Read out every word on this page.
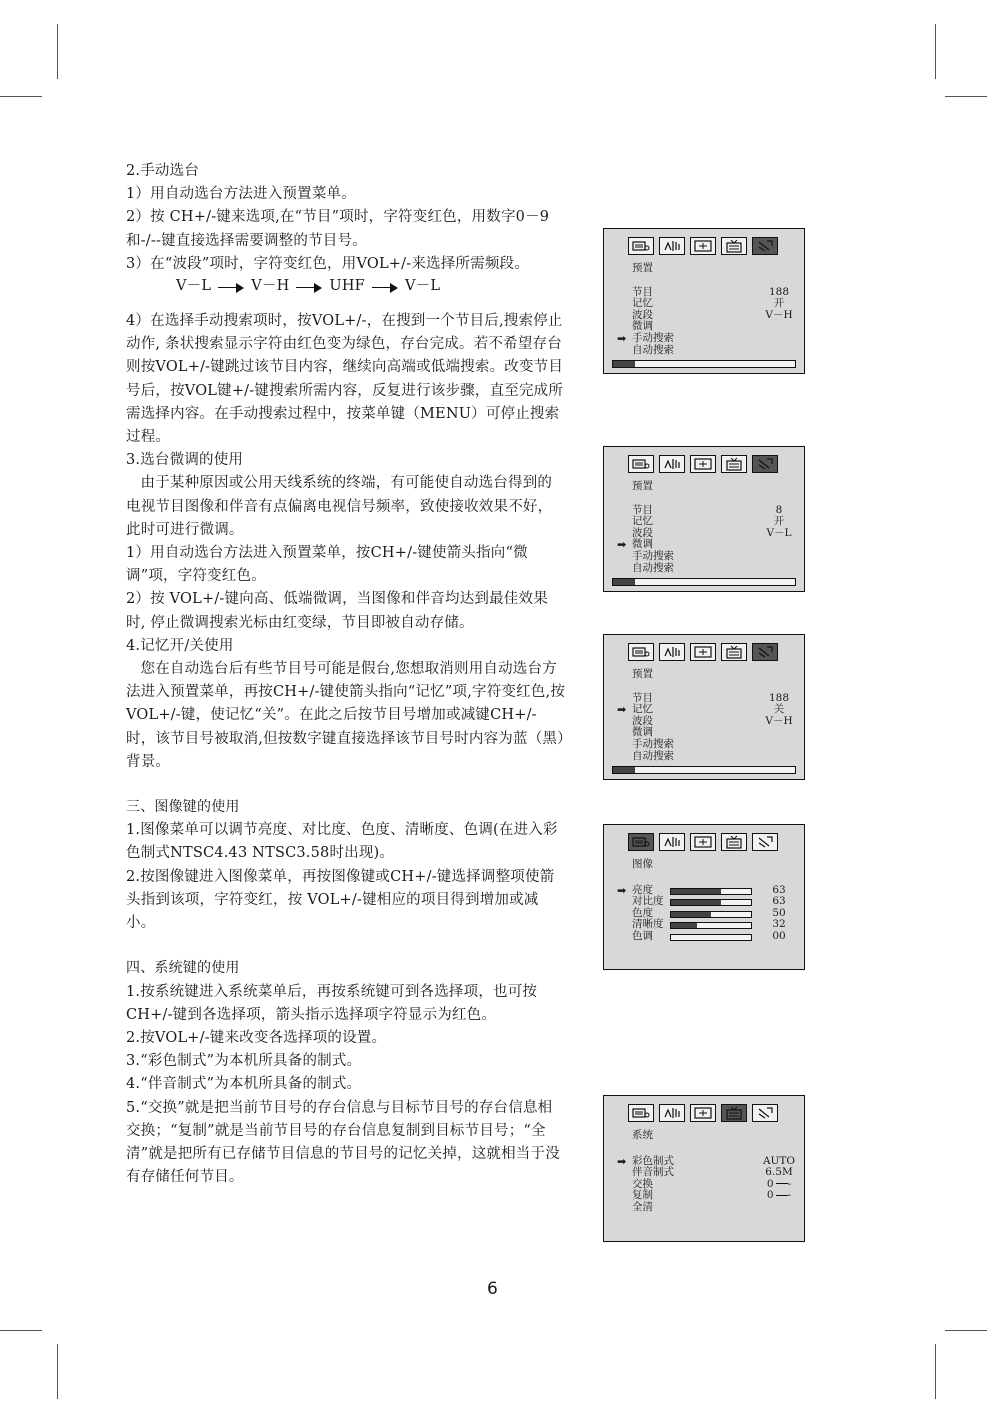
2.手动选台

1）用自动选台方法进入预置菜单。

2）按 CH+/-键来选项,在“节目”项时，字符变红色，用数字0－9和-/--键直接选择需要调整的节目号。

3）在“波段”项时，字符变红色，用VOL+/-来选择所需频段。

V－L	V－H	UHF	V－L

4）在选择手动搜索项时，按VOL+/-，在搜到一个节目后,搜索停止动作, 条状搜索显示字符由红色变为绿色，存台完成。若不希望存台则按VOL+/-键跳过该节目内容，继续向高端或低端搜索。改变节目号后，按VOL键+/-键搜索所需内容，反复进行该步骤，直至完成所需选择内容。在手动搜索过程中，按菜单键（MENU）可停止搜索过程。

3.选台微调的使用

由于某种原因或公用天线系统的终端，有可能使自动选台得到的电视节目图像和伴音有点偏离电视信号频率，致使接收效果不好，此时可进行微调。

1）用自动选台方法进入预置菜单，按CH+/-键使箭头指向“微调”项，字符变红色。

2）按 VOL+/-键向高、低端微调，当图像和伴音均达到最佳效果时, 停止微调搜索光标由红变绿，节目即被自动存储。

4.记忆开/关使用

您在自动选台后有些节目号可能是假台,您想取消则用自动选台方法进入预置菜单，再按CH+/-键使箭头指向“记忆”项,字符变红色,按 VOL+/-键，使记忆“关”。在此之后按节目号增加或减键CH+/-时，该节目号被取消,但按数字键直接选择该节目号时内容为蓝（黑）背景。

三、图像键的使用

1.图像菜单可以调节亮度、对比度、色度、清晰度、色调(在进入彩色制式NTSC4.43 NTSC3.58时出现)。

2.按图像键进入图像菜单，再按图像键或CH+/-键选择调整项使箭头指到该项，字符变红，按 VOL+/-键相应的项目得到增加或减小。

四、系统键的使用

1.按系统键进入系统菜单后，再按系统键可到各选择项，也可按CH+/-键到各选择项，箭头指示选择项字符显示为红色。

2.按VOL+/-键来改变各选择项的设置。

3.“彩色制式”为本机所具备的制式。

4.“伴音制式”为本机所具备的制式。

5.“交换”就是把当前节目号的存台信息与目标节目号的存台信息相交换；“复制”就是当前节目号的存台信息复制到目标节目号；“全清”就是把所有已存储节目信息的节目号的记忆关掉，这就相当于没有存储任何节目。

预置
节目	188
记忆	开
波段	V－H
微调
➡ 手动搜索
自动搜索
预置
节目	8
记忆	开
波段	V－L
➡ 微调
手动搜索
自动搜索
预置
节目	188
➡ 记忆	关
波段	V－H
微调
手动搜索
自动搜索
图像
➡ 亮度	63
对比度	63
色度	50
清晰度	32
色调	00
系统
➡ 彩色制式	AUTO
伴音制式	6.5M
交换	0 -
复制	0 -
全清
6
